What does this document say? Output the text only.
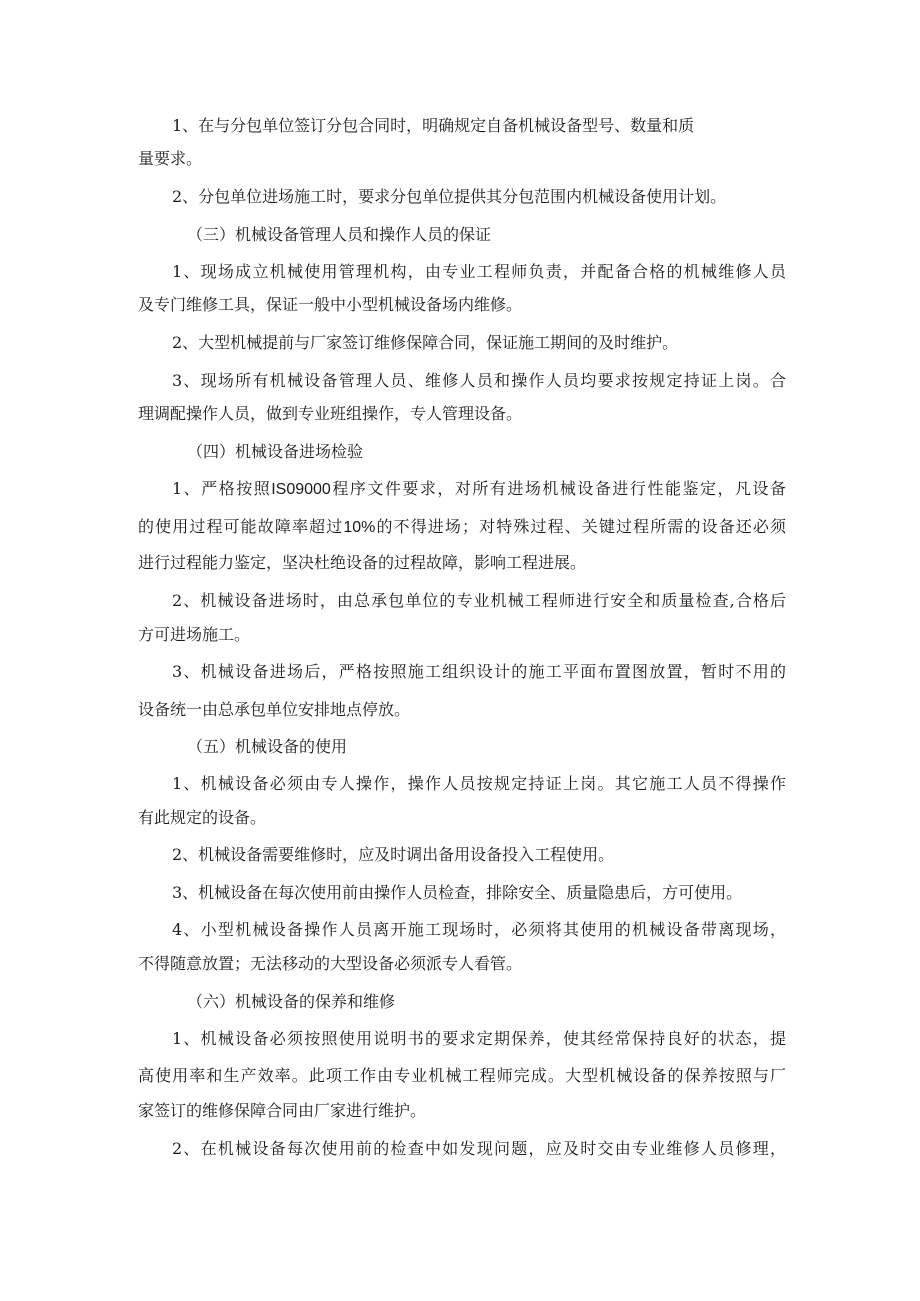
1、在与分包单位签订分包合同时，明确规定自备机械设备型号、数量和质

量要求。

2、分包单位进场施工时，要求分包单位提供其分包范围内机械设备使用计划。

（三）机械设备管理人员和操作人员的保证

1、现场成立机械使用管理机构，由专业工程师负责，并配备合格的机械维修人员

及专门维修工具，保证一般中小型机械设备场内维修。

2、大型机械提前与厂家签订维修保障合同，保证施工期间的及时维护。

3、现场所有机械设备管理人员、维修人员和操作人员均要求按规定持证上岗。合

理调配操作人员，做到专业班组操作，专人管理设备。

（四）机械设备进场检验

1、严格按照IS09000程序文件要求，对所有进场机械设备进行性能鉴定，凡设备

的使用过程可能故障率超过10%的不得进场；对特殊过程、关键过程所需的设备还必须

进行过程能力鉴定，坚决杜绝设备的过程故障，影响工程进展。

2、机械设备进场时，由总承包单位的专业机械工程师进行安全和质量检查,合格后

方可进场施工。

3、机械设备进场后，严格按照施工组织设计的施工平面布置图放置，暂时不用的

设备统一由总承包单位安排地点停放。

（五）机械设备的使用

1、机械设备必须由专人操作，操作人员按规定持证上岗。其它施工人员不得操作

有此规定的设备。

2、机械设备需要维修时，应及时调出备用设备投入工程使用。

3、机械设备在每次使用前由操作人员检查，排除安全、质量隐患后，方可使用。

4、小型机械设备操作人员离开施工现场时，必须将其使用的机械设备带离现场，

不得随意放置；无法移动的大型设备必须派专人看管。

（六）机械设备的保养和维修

1、机械设备必须按照使用说明书的要求定期保养，使其经常保持良好的状态，提

高使用率和生产效率。此项工作由专业机械工程师完成。大型机械设备的保养按照与厂

家签订的维修保障合同由厂家进行维护。

2、在机械设备每次使用前的检查中如发现问题，应及时交由专业维修人员修理，
